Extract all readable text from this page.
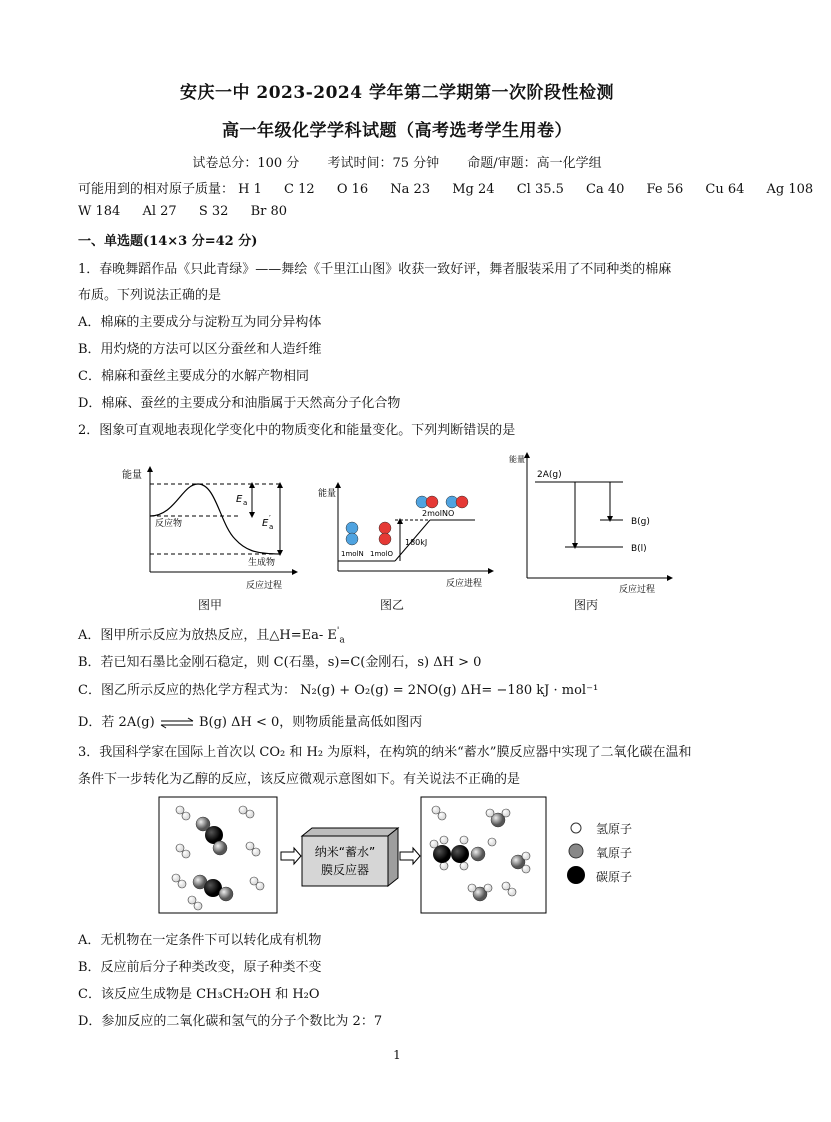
安庆一中 2023-2024 学年第二学期第一次阶段性检测
高一年级化学学科试题（高考选考学生用卷）
试卷总分：100 分 考试时间：75 分钟 命题/审题：高一化学组
可能用到的相对原子质量： H 1 C 12 O 16 Na 23 Mg 24 Cl 35.5 Ca 40 Fe 56 Cu 64 Ag 108
W 184 Al 27 S 32 Br 80
一、单选题(14×3 分=42 分)
1．春晚舞蹈作品《只此青绿》——舞绘《千里江山图》收获一致好评，舞者服装采用了不同种类的棉麻
布质。下列说法正确的是
A．棉麻的主要成分与淀粉互为同分异构体
B．用灼烧的方法可以区分蚕丝和人造纤维
C．棉麻和蚕丝主要成分的水解产物相同
D．棉麻、蚕丝的主要成分和油脂属于天然高分子化合物
2．图象可直观地表现化学变化中的物质变化和能量变化。下列判断错误的是
能量
反应过程
反应物
生成物
E a
E a
′
图甲
能量
反应进程
2molNO
1molN 1molO
180kJ
图乙
能量
反应过程
2A(g)
B(g)
B(l)
图丙
A．图甲所示反应为放热反应，且△H=Ea- $E'_a$
B．若已知石墨比金刚石稳定，则 C(石墨，s)=C(金刚石，s) ΔH > 0
C．图乙所示反应的热化学方程式为： N₂(g) + O₂(g) = 2NO(g) ΔH= −180 kJ · mol⁻¹
D．若 2A(g) ⇌ B(g) ΔH < 0，则物质能量高低如图丙
3．我国科学家在国际上首次以 CO₂ 和 H₂ 为原料，在构筑的纳米“蓄水”膜反应器中实现了二氧化碳在温和
条件下一步转化为乙醇的反应，该反应微观示意图如下。有关说法不正确的是
纳米“蓄水”
膜反应器
氢原子
氧原子
碳原子
A．无机物在一定条件下可以转化成有机物
B．反应前后分子种类改变，原子种类不变
C．该反应生成物是 CH₃CH₂OH 和 H₂O
D．参加反应的二氧化碳和氢气的分子个数比为 2：7
1
